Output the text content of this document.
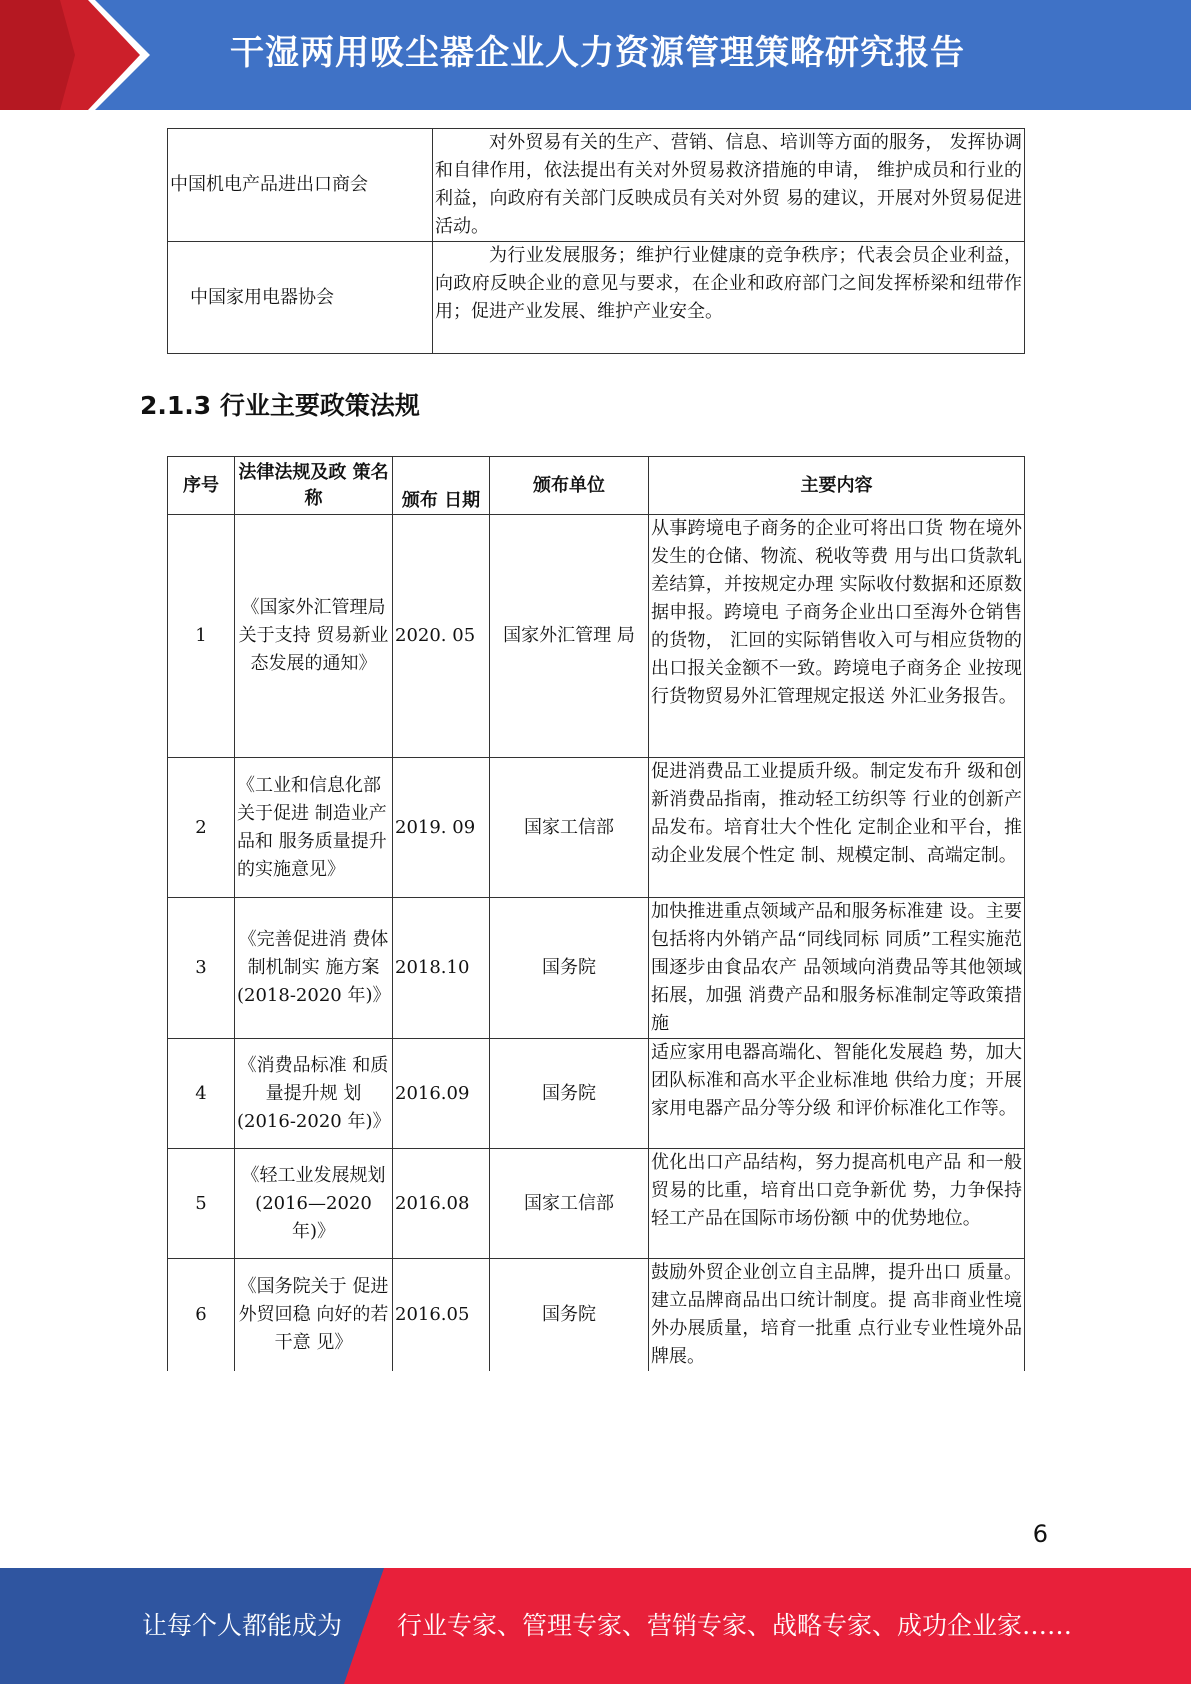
干湿两用吸尘器企业人力资源管理策略研究报告
中国机电产品进出口商会	对外贸易有关的生产、营销、信息、培训等方面的服务， 发挥协调和自律作用，依法提出有关对外贸易救济措施的申请， 维护成员和行业的利益，向政府有关部门反映成员有关对外贸 易的建议，开展对外贸易促进活动。
中国家用电器协会	为行业发展服务；维护行业健康的竞争秩序；代表会员企业利益，向政府反映企业的意见与要求，在企业和政府部门之间发挥桥梁和纽带作用；促进产业发展、维护产业安全。
2.1.3 行业主要政策法规
序号	法律法规及政 策名称	颁布 日期	颁布单位	主要内容
1	《国家外汇管理局关于支持 贸易新业态发展的通知》	2020. 05	国家外汇管理 局	从事跨境电子商务的企业可将出口货 物在境外发生的仓储、物流、税收等费 用与出口货款轧差结算，并按规定办理 实际收付数据和还原数据申报。跨境电 子商务企业出口至海外仓销售的货物， 汇回的实际销售收入可与相应货物的 出口报关金额不一致。跨境电子商务企 业按现行货物贸易外汇管理规定报送 外汇业务报告。
2	《工业和信息化部关于促进 制造业产品和 服务质量提升 的实施意见》	2019. 09	国家工信部	促进消费品工业提质升级。制定发布升 级和创新消费品指南，推动轻工纺织等 行业的创新产品发布。培育壮大个性化 定制企业和平台，推动企业发展个性定 制、规模定制、高端定制。
3	《完善促进消 费体制机制实 施方案 (2018-2020 年)》	2018.10	国务院	加快推进重点领域产品和服务标准建 设。主要包括将内外销产品“同线同标 同质”工程实施范围逐步由食品农产 品领域向消费品等其他领域拓展，加强 消费产品和服务标准制定等政策措施
4	《消费品标准 和质量提升规 划(2016-2020 年)》	2016.09	国务院	适应家用电器高端化、智能化发展趋 势，加大团队标准和高水平企业标准地 供给力度；开展家用电器产品分等分级 和评价标准化工作等。
5	《轻工业发展规划(2016—2020 年)》	2016.08	国家工信部	优化出口产品结构，努力提高机电产品 和一般贸易的比重，培育出口竞争新优 势，力争保持轻工产品在国际市场份额 中的优势地位。
6	《国务院关于 促进外贸回稳 向好的若干意 见》	2016.05	国务院	鼓励外贸企业创立自主品牌，提升出口 质量。建立品牌商品出口统计制度。提 高非商业性境外办展质量，培育一批重 点行业专业性境外品牌展。
6
让每个人都能成为 行业专家、管理专家、营销专家、战略专家、成功企业家……
